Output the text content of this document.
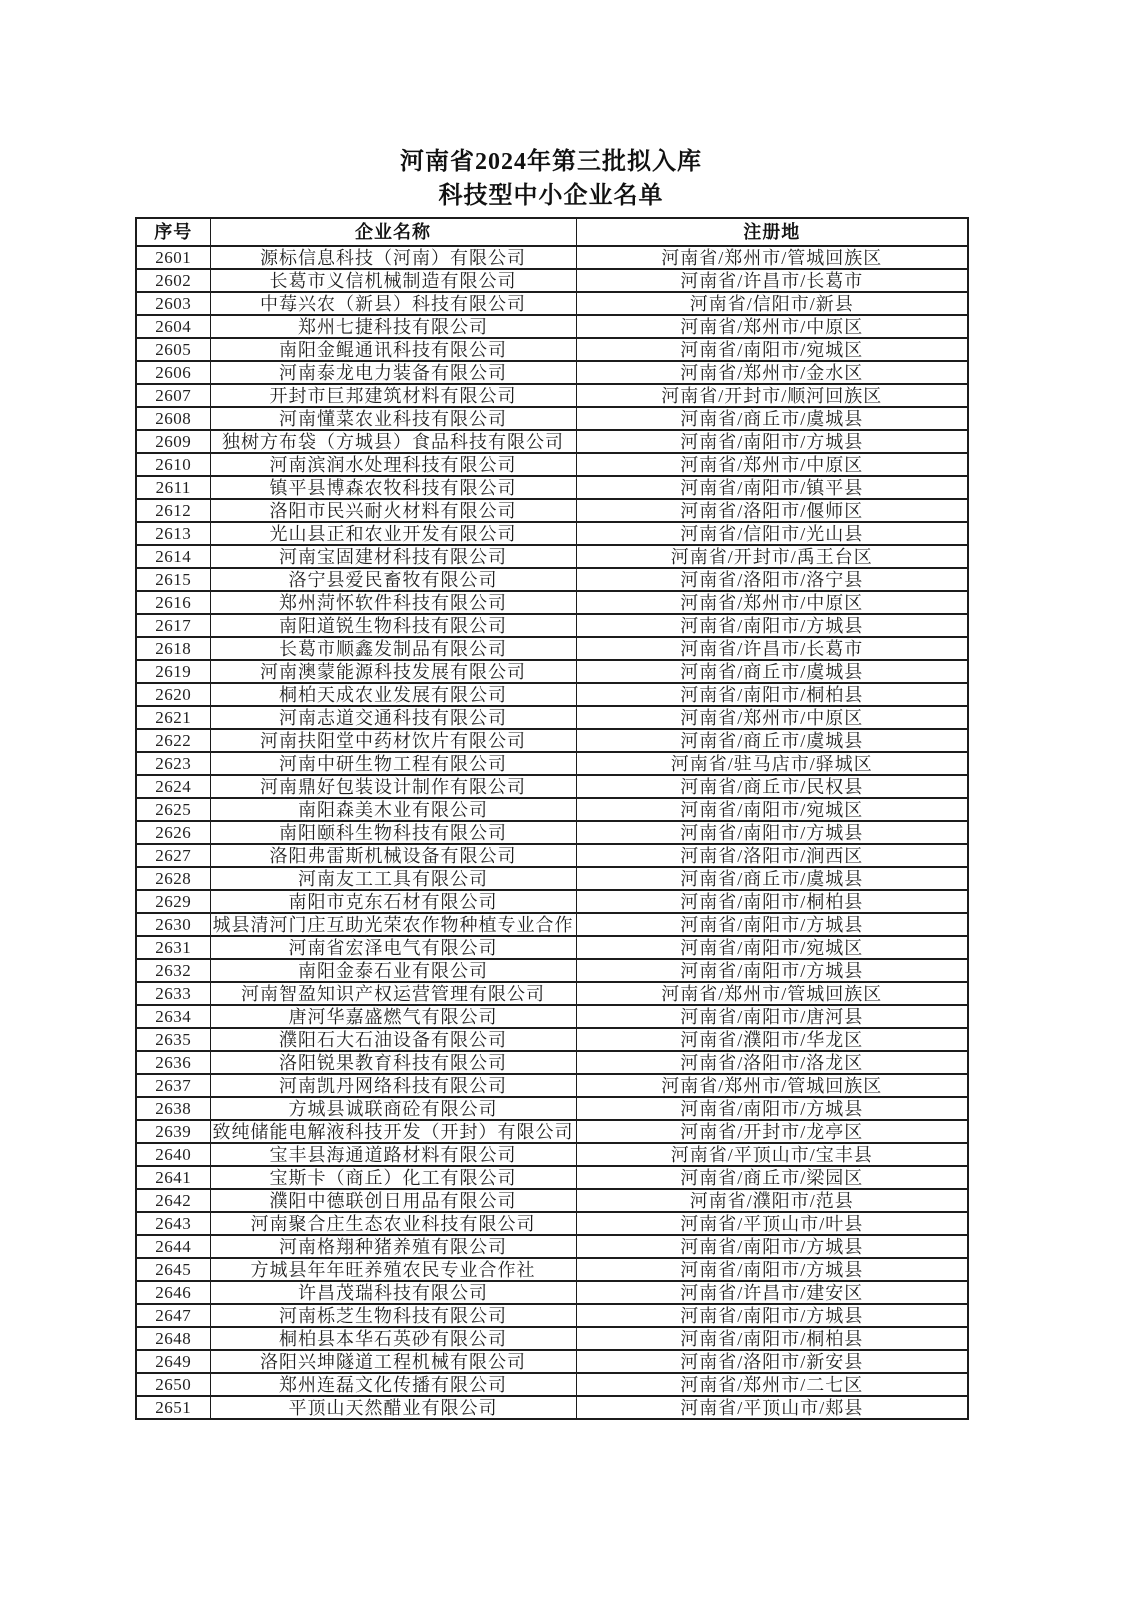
河南省2024年第三批拟入库
科技型中小企业名单
序号	企业名称	注册地
2601	源标信息科技（河南）有限公司	河南省/郑州市/管城回族区
2602	长葛市义信机械制造有限公司	河南省/许昌市/长葛市
2603	中莓兴农（新县）科技有限公司	河南省/信阳市/新县
2604	郑州七捷科技有限公司	河南省/郑州市/中原区
2605	南阳金鲲通讯科技有限公司	河南省/南阳市/宛城区
2606	河南泰龙电力装备有限公司	河南省/郑州市/金水区
2607	开封市巨邦建筑材料有限公司	河南省/开封市/顺河回族区
2608	河南懂菜农业科技有限公司	河南省/商丘市/虞城县
2609	独树方布袋（方城县）食品科技有限公司	河南省/南阳市/方城县
2610	河南滨润水处理科技有限公司	河南省/郑州市/中原区
2611	镇平县博森农牧科技有限公司	河南省/南阳市/镇平县
2612	洛阳市民兴耐火材料有限公司	河南省/洛阳市/偃师区
2613	光山县正和农业开发有限公司	河南省/信阳市/光山县
2614	河南宝固建材科技有限公司	河南省/开封市/禹王台区
2615	洛宁县爱民畜牧有限公司	河南省/洛阳市/洛宁县
2616	郑州菏怀软件科技有限公司	河南省/郑州市/中原区
2617	南阳道锐生物科技有限公司	河南省/南阳市/方城县
2618	长葛市顺鑫发制品有限公司	河南省/许昌市/长葛市
2619	河南澳蒙能源科技发展有限公司	河南省/商丘市/虞城县
2620	桐柏天成农业发展有限公司	河南省/南阳市/桐柏县
2621	河南志道交通科技有限公司	河南省/郑州市/中原区
2622	河南扶阳堂中药材饮片有限公司	河南省/商丘市/虞城县
2623	河南中研生物工程有限公司	河南省/驻马店市/驿城区
2624	河南鼎好包装设计制作有限公司	河南省/商丘市/民权县
2625	南阳森美木业有限公司	河南省/南阳市/宛城区
2626	南阳颐科生物科技有限公司	河南省/南阳市/方城县
2627	洛阳弗雷斯机械设备有限公司	河南省/洛阳市/涧西区
2628	河南友工工具有限公司	河南省/商丘市/虞城县
2629	南阳市克东石材有限公司	河南省/南阳市/桐柏县
2630	城县清河门庄互助光荣农作物种植专业合作	河南省/南阳市/方城县
2631	河南省宏泽电气有限公司	河南省/南阳市/宛城区
2632	南阳金泰石业有限公司	河南省/南阳市/方城县
2633	河南智盈知识产权运营管理有限公司	河南省/郑州市/管城回族区
2634	唐河华嘉盛燃气有限公司	河南省/南阳市/唐河县
2635	濮阳石大石油设备有限公司	河南省/濮阳市/华龙区
2636	洛阳锐果教育科技有限公司	河南省/洛阳市/洛龙区
2637	河南凯丹网络科技有限公司	河南省/郑州市/管城回族区
2638	方城县诚联商砼有限公司	河南省/南阳市/方城县
2639	致纯储能电解液科技开发（开封）有限公司	河南省/开封市/龙亭区
2640	宝丰县海通道路材料有限公司	河南省/平顶山市/宝丰县
2641	宝斯卡（商丘）化工有限公司	河南省/商丘市/梁园区
2642	濮阳中德联创日用品有限公司	河南省/濮阳市/范县
2643	河南聚合庄生态农业科技有限公司	河南省/平顶山市/叶县
2644	河南格翔种猪养殖有限公司	河南省/南阳市/方城县
2645	方城县年年旺养殖农民专业合作社	河南省/南阳市/方城县
2646	许昌茂瑞科技有限公司	河南省/许昌市/建安区
2647	河南栎芝生物科技有限公司	河南省/南阳市/方城县
2648	桐柏县本华石英砂有限公司	河南省/南阳市/桐柏县
2649	洛阳兴坤隧道工程机械有限公司	河南省/洛阳市/新安县
2650	郑州连磊文化传播有限公司	河南省/郑州市/二七区
2651	平顶山天然醋业有限公司	河南省/平顶山市/郏县
